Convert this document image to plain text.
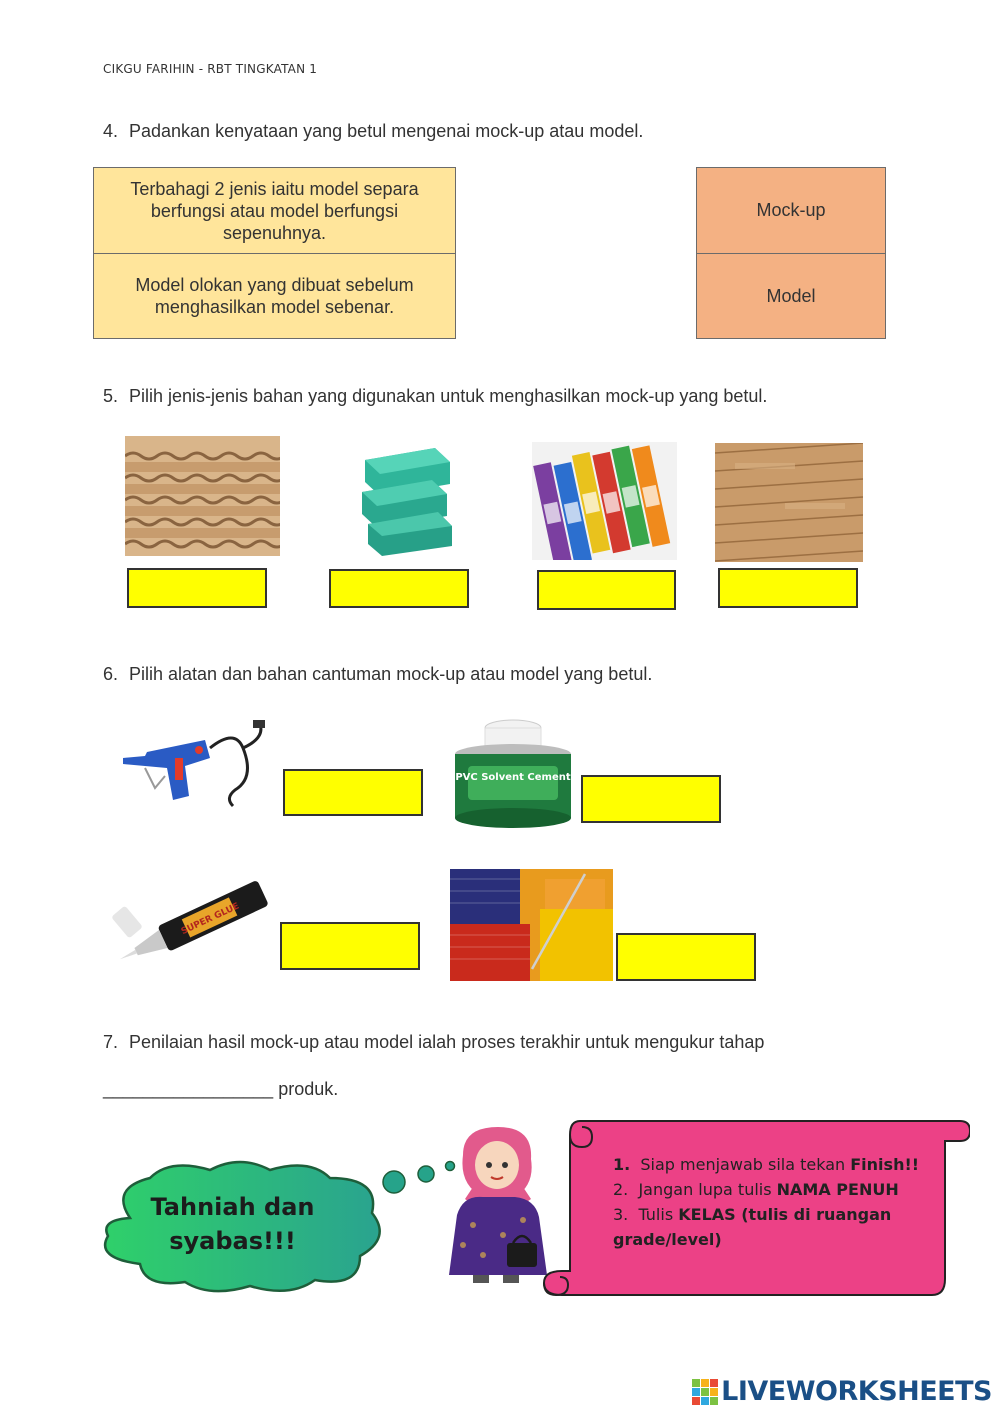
CIKGU FARIHIN - RBT TINGKATAN 1
4. Padankan kenyataan yang betul mengenai mock-up atau model.
Terbahagi 2 jenis iaitu model separa berfungsi atau model berfungsi sepenuhnya.
Model olokan yang dibuat sebelum menghasilkan model sebenar.
Mock-up
Model
5. Pilih jenis-jenis bahan yang digunakan untuk menghasilkan mock-up yang betul.
6. Pilih alatan dan bahan cantuman mock-up atau model yang betul.
PVC Solvent Cement
SUPER GLUE
7. Penilaian hasil mock-up atau model ialah proses terakhir untuk mengukur tahap
_________________ produk.
Tahniah dan
syabas!!!
1. Siap menjawab sila tekan Finish!!
2. Jangan lupa tulis NAMA PENUH
3. Tulis KELAS (tulis di ruangan grade/level)
LIVEWORKSHEETS
